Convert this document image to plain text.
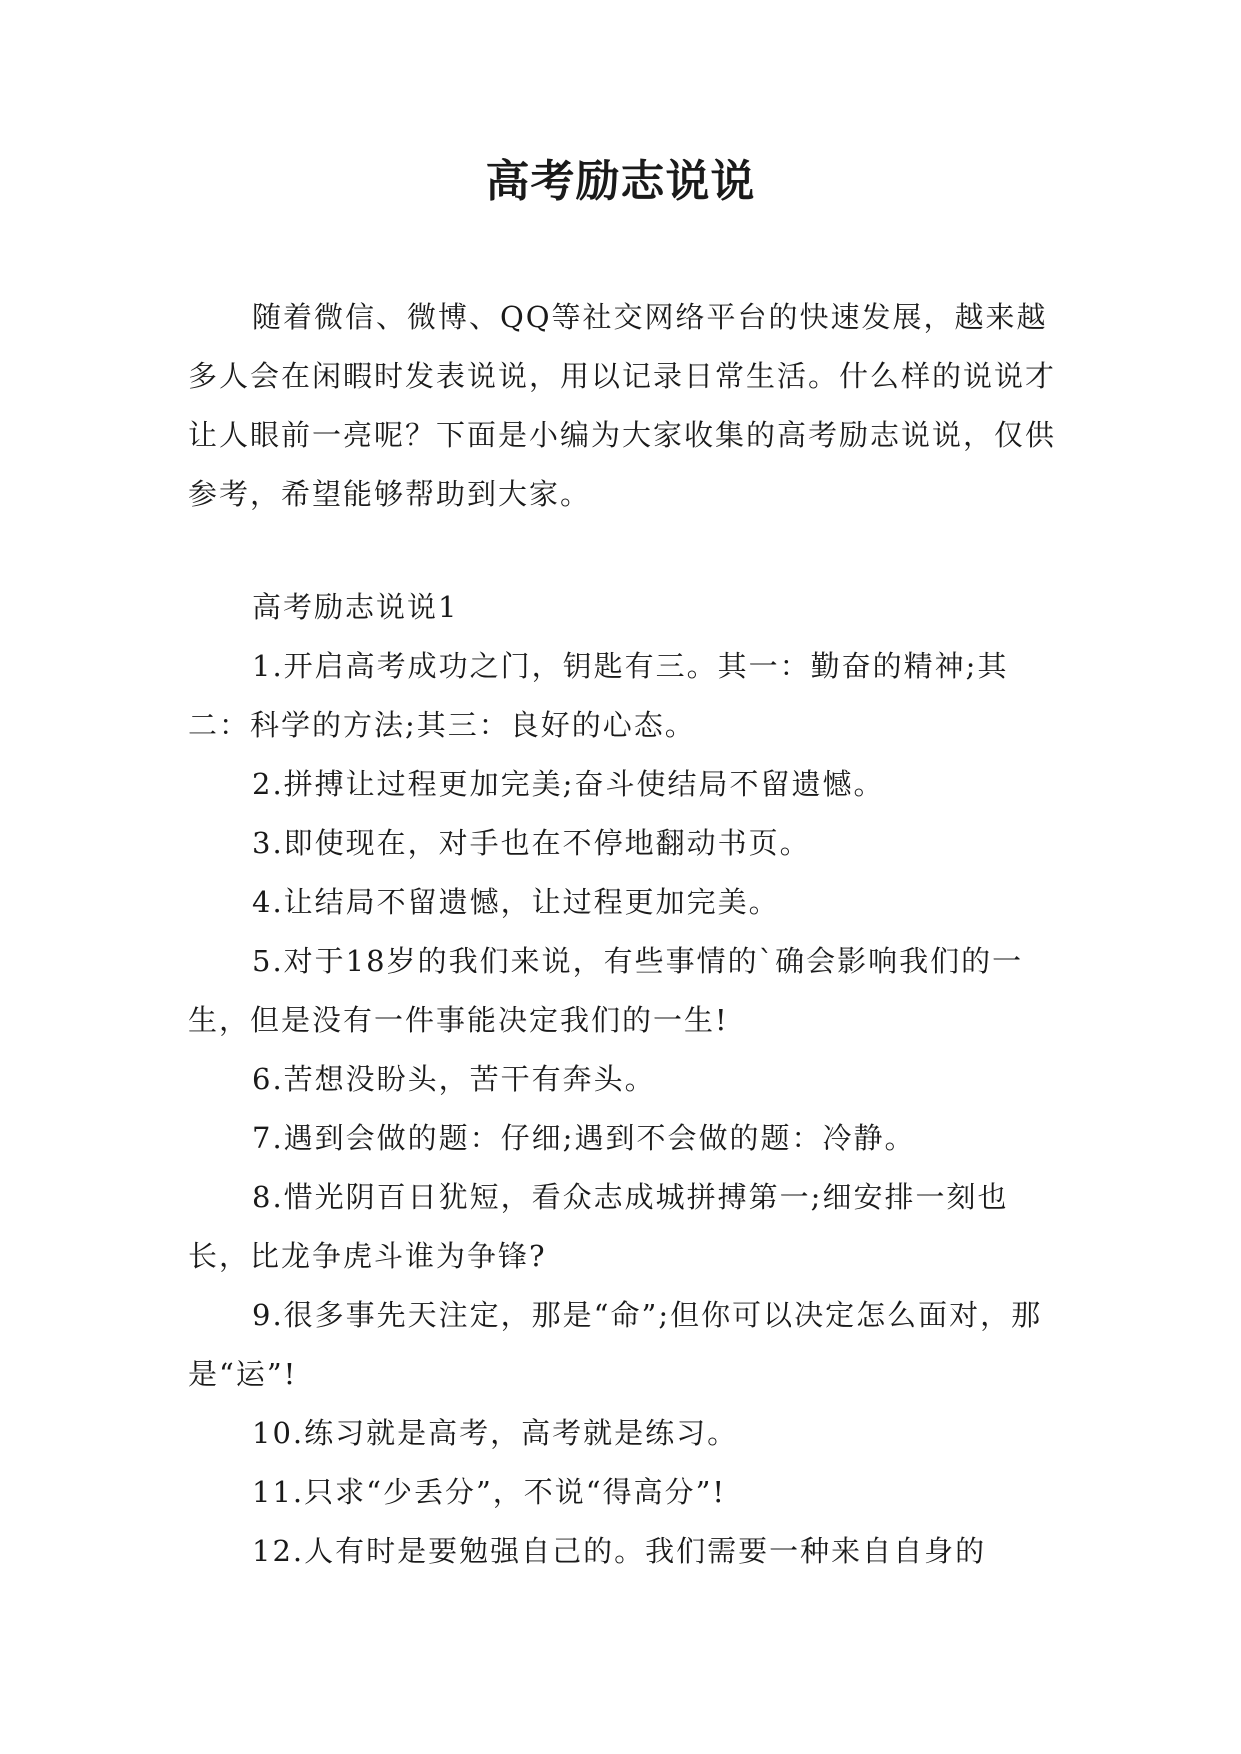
高考励志说说

随着微信、微博、QQ等社交网络平台的快速发展，越来越多人会在闲暇时发表说说，用以记录日常生活。什么样的说说才让人眼前一亮呢？下面是小编为大家收集的高考励志说说，仅供参考，希望能够帮助到大家。

高考励志说说1

1.开启高考成功之门，钥匙有三。其一：勤奋的精神;其二：科学的方法;其三：良好的心态。

2.拼搏让过程更加完美;奋斗使结局不留遗憾。

3.即使现在，对手也在不停地翻动书页。

4.让结局不留遗憾，让过程更加完美。

5.对于18岁的我们来说，有些事情的`确会影响我们的一生，但是没有一件事能决定我们的一生!

6.苦想没盼头，苦干有奔头。

7.遇到会做的题：仔细;遇到不会做的题：冷静。

8.惜光阴百日犹短，看众志成城拼搏第一;细安排一刻也长，比龙争虎斗谁为争锋?

9.很多事先天注定，那是“命”;但你可以决定怎么面对，那是“运”!

10.练习就是高考，高考就是练习。

11.只求“少丢分”，不说“得高分”!

12.人有时是要勉强自己的。我们需要一种来自自身的
